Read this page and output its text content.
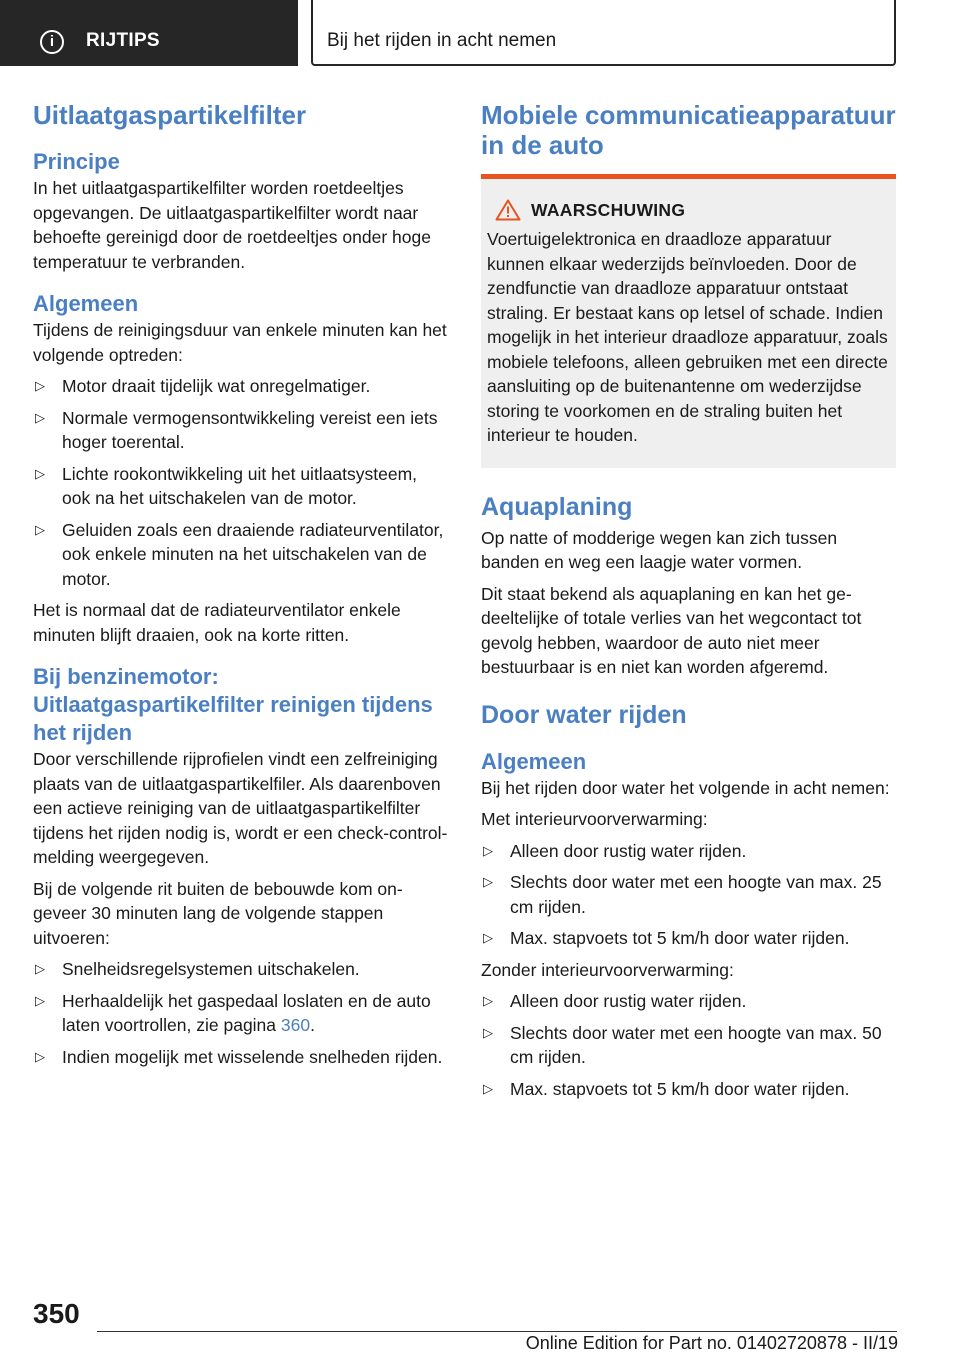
i	RIJTIPS	Bij het rijden in acht nemen
Uitlaatgaspartikelfilter
Principe

In het uitlaatgaspartikelfilter worden roetdeeltjes opgevangen. De uitlaatgaspartikelfilter wordt naar behoefte gereinigd door de roetdeeltjes onder hoge temperatuur te verbranden.

Algemeen

Tijdens de reinigingsduur van enkele minuten kan het volgende optreden:

▷ Motor draait tijdelijk wat onregelmatiger.
▷ Normale vermogensontwikkeling vereist een iets hoger toerental.
▷ Lichte rookontwikkeling uit het uitlaatsysteem, ook na het uitschakelen van de motor.
▷ Geluiden zoals een draaiende radiateurventilator, ook enkele minuten na het uitschakelen van de motor.

Het is normaal dat de radiateurventilator enkele minuten blijft draaien, ook na korte ritten.

Bij benzinemotor: Uitlaatgaspartikelfilter reinigen tijdens het rijden

Door verschillende rijprofielen vindt een zelfreiniging plaats van de uitlaatgaspartikelfiler. Als daarenboven een actieve reiniging van de uitlaatgaspartikelfilter tijdens het rijden nodig is, wordt er een check-control-melding weergegeven.

Bij de volgende rit buiten de bebouwde kom ongeveer 30 minuten lang de volgende stappen uitvoeren:

▷ Snelheidsregelsystemen uitschakelen.
▷ Herhaaldelijk het gaspedaal loslaten en de auto laten voortrollen, zie pagina 360.
▷ Indien mogelijk met wisselende snelheden rijden.
Mobiele communicatieapparatuur in de auto
WAARSCHUWING

Voertuigelektronica en draadloze apparatuur kunnen elkaar wederzijds beïnvloeden. Door de zendfunctie van draadloze apparatuur ontstaat straling. Er bestaat kans op letsel of schade. Indien mogelijk in het interieur draadloze apparatuur, zoals mobiele telefoons, alleen gebruiken met een directe aansluiting op de buitenantenne om wederzijdse storing te voorkomen en de straling buiten het interieur te houden.

Aquaplaning

Op natte of modderige wegen kan zich tussen banden en weg een laagje water vormen.

Dit staat bekend als aquaplaning en kan het gedeeltelijke of totale verlies van het wegcontact tot gevolg hebben, waardoor de auto niet meer bestuurbaar is en niet kan worden afgeremd.

Door water rijden
Algemeen

Bij het rijden door water het volgende in acht nemen:

Met interieurvoorverwarming:

▷ Alleen door rustig water rijden.
▷ Slechts door water met een hoogte van max. 25 cm rijden.
▷ Max. stapvoets tot 5 km/h door water rijden.

Zonder interieurvoorverwarming:

▷ Alleen door rustig water rijden.
▷ Slechts door water met een hoogte van max. 50 cm rijden.
▷ Max. stapvoets tot 5 km/h door water rijden.
350
Online Edition for Part no. 01402720878 - II/19
